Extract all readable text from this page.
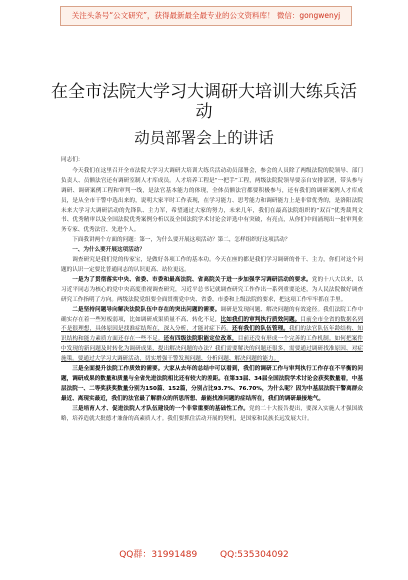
关注头条号“公文研究”，获得最新最全最专业的公文资料库！ 微信：gongwenyj
在全市法院大学习大调研大培训大练兵活
动
动员部署会上的讲话

同志们：

今天我们在这里召开全市法院大学习大调研大培训大练兵活动动员部署会，参会的人员除了两级法院的院领导、部门负责人、员额法官还有调研室制人才库成员。人才培养工程是“一把手”工程，两级法院院领导要亲自安排部署，带头参与调研、调研案例工程和审判一线，是法官基本能力的体现，全体员额法官都要积极参与，还有我们的调研案例人才库成员，是从全市干警中选出来的，说明大家平时工作表现，在学习能力、思考能力和调研能力上是非常优秀的，是洛阳法院未来大学习大调研活动的先锋队、主力军，希望通过大家的努力，未来几年，我们在最高法院组织的“双百”优秀裁判文书、优秀精审以及全国法院优秀案例分析以及全国法院学术讨论会评选中有突破，有亮点，从你们中间涌现出一批审判业务专家、优秀法官、先进个人。

下面我讲两个方面的问题：第一，为什么要开展这项活动？第二，怎样组织好这项活动？

一、为什么要开展这项活动？

调查研究是我们党的传家宝，是做好各项工作的基本功。今天在座的都是我们学习调研的骨干、主力，你们对这个问题的认识一定要比普通同志的认识更高、站位更远。

一是为了贯彻落实中央、省委、市委和最高法院、省高院关于进一步加强学习调研活动的要求。党的十八大以来，以习近平同志为核心的党中央高度重视调查研究，习近平总书记就调查研究工作作出一系列重要论述，为人民法院做好调查研究工作指明了方向。两级法院党组要全面贯彻党中央、省委、市委和上级法院的要求，把这项工作牢牢抓在手里。

二是坚持问题导向解决法院队伍中存在的突出问题的需要。调研是发现问题、解决问题的有效途径。我们法院工作中确实存在着一些短板弱项，比如调研成果质量不高、转化不足，比如我们的审判执行质效问题。目前全市全省的数据名列不是很理想，具体原因是找准症结所在，深入分析，才能对症下药。还有我们的队伍管理。我们的法官队伍年龄结构、知识结构和能力素质方面还存在一些不足。还有四级法院职能定位改革，目前还没有形成一个完善的工作机制。如何把案件中发现的新问题及时转化为调研成果，提出解决问题的办法？我们需要解决的问题还很多，需要通过调研找准原因、对症施策。要通过大学习大调研活动，切实增强干警发现问题、分析问题、解决问题的能力。

三是全面提升法院工作质效的需要。大家从去年的总结中可以看到，我们的调研工作与审判执行工作存在不平衡的问题，调研成果的数量和质量与全省先进法院相比还有较大的差距。在第33届、34届全国法院学术讨论会获奖数量看，中基层法院一、二等奖获奖数量分别为150篇、152篇，分别占比93.7%、76.70%，为什么呢？因为中基层法院干警离群众最近、离现实最近，我们的法官最了解群众的所思所想、最能找准问题的症结所在，我们的调研最接地气。

三是培育人才、促进法院人才队伍建设的一个非常重要的基础性工作。党的二十大报告提出，要深入实施人才强国战略，培养造就大批德才兼备的高素质人才。我们要抓住活动开展的契机，是国家和民族长远发展大计。

QQ群：31991489	QQ:535304092
